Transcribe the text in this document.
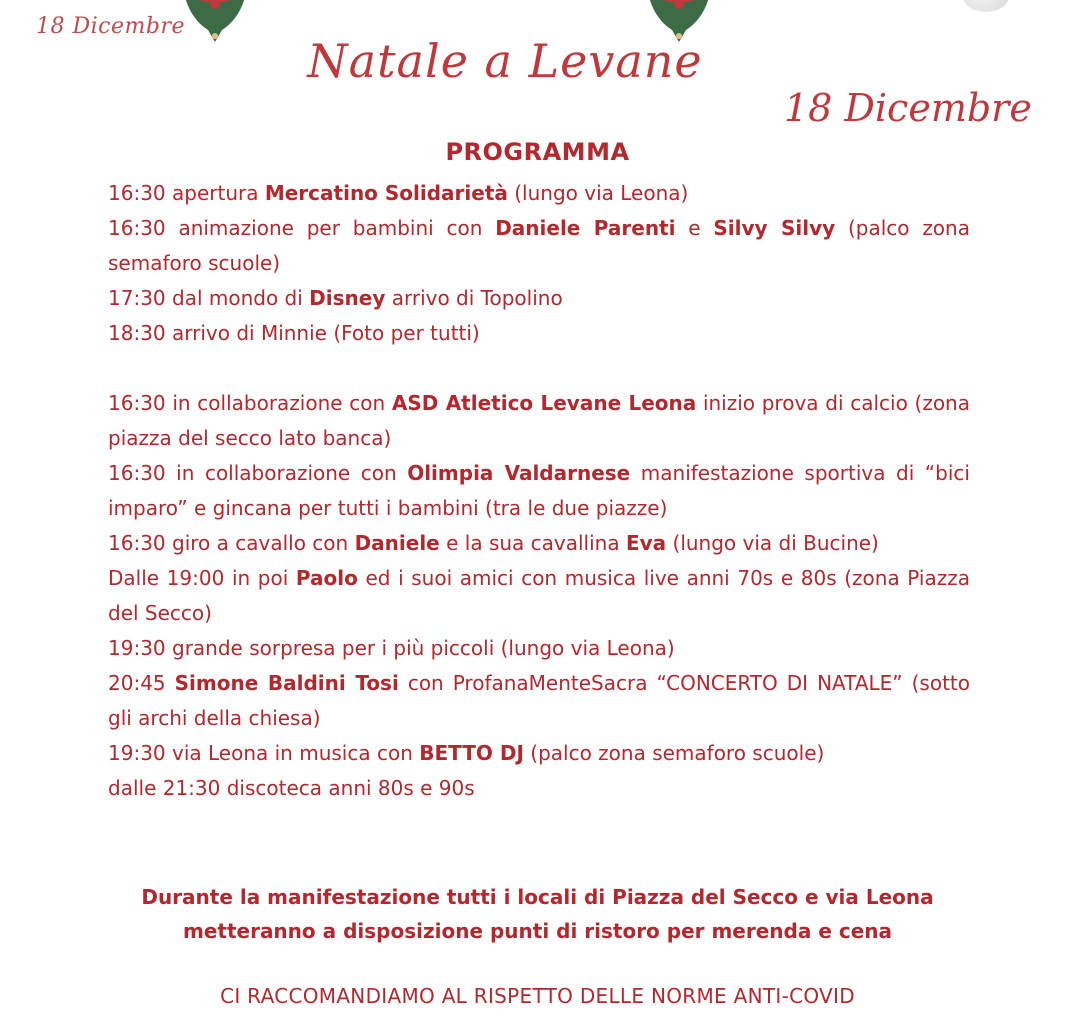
18 Dicembre
Natale a Levane
18 Dicembre
PROGRAMMA

16:30 apertura Mercatino Solidarietà (lungo via Leona)

16:30 animazione per bambini con Daniele Parenti e Silvy Silvy (palco zona semaforo scuole)

17:30 dal mondo di Disney arrivo di Topolino

18:30 arrivo di Minnie (Foto per tutti)

16:30 in collaborazione con ASD Atletico Levane Leona inizio prova di calcio (zona piazza del secco lato banca)

16:30 in collaborazione con Olimpia Valdarnese manifestazione sportiva di “bici imparo” e gincana per tutti i bambini (tra le due piazze)

16:30 giro a cavallo con Daniele e la sua cavallina Eva (lungo via di Bucine)

Dalle 19:00 in poi Paolo ed i suoi amici con musica live anni 70s e 80s (zona Piazza del Secco)

19:30 grande sorpresa per i più piccoli (lungo via Leona)

20:45 Simone Baldini Tosi con ProfanaMenteSacra “CONCERTO DI NATALE” (sotto gli archi della chiesa)

19:30 via Leona in musica con BETTO DJ (palco zona semaforo scuole)

dalle 21:30 discoteca anni 80s e 90s

Durante la manifestazione tutti i locali di Piazza del Secco e via Leona
metteranno a disposizione punti di ristoro per merenda e cena
CI RACCOMANDIAMO AL RISPETTO DELLE NORME ANTI-COVID
